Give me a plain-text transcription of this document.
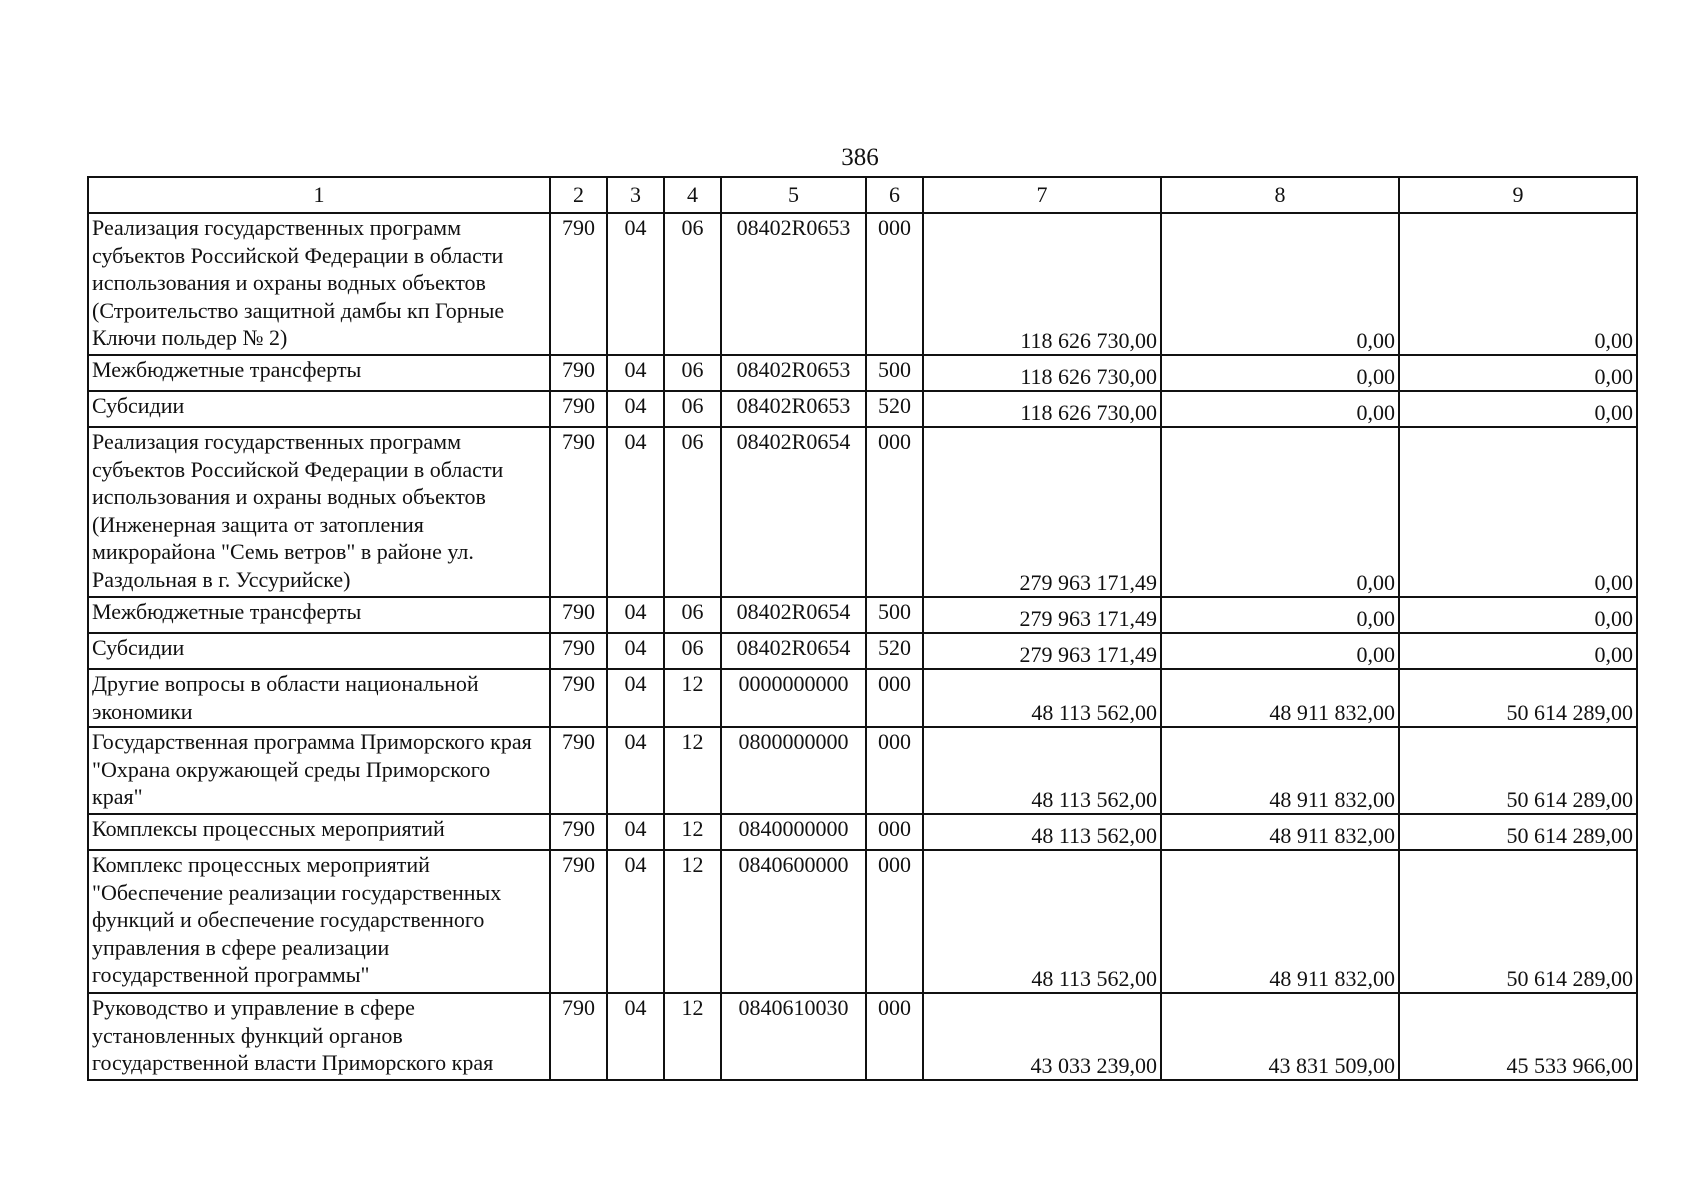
386
1	2	3	4	5	6	7	8	9
Реализация государственных программ субъектов Российской Федерации в области использования и охраны водных объектов (Строительство защитной дамбы кп Горные Ключи польдер № 2)	790	04	06	08402R0653	000	118 626 730,00	0,00	0,00
Межбюджетные трансферты	790	04	06	08402R0653	500	118 626 730,00	0,00	0,00
Субсидии	790	04	06	08402R0653	520	118 626 730,00	0,00	0,00
Реализация государственных программ субъектов Российской Федерации в области использования и охраны водных объектов (Инженерная защита от затопления микрорайона "Семь ветров" в районе ул. Раздольная в г. Уссурийске)	790	04	06	08402R0654	000	279 963 171,49	0,00	0,00
Межбюджетные трансферты	790	04	06	08402R0654	500	279 963 171,49	0,00	0,00
Субсидии	790	04	06	08402R0654	520	279 963 171,49	0,00	0,00
Другие вопросы в области национальной экономики	790	04	12	0000000000	000	48 113 562,00	48 911 832,00	50 614 289,00
Государственная программа Приморского края "Охрана окружающей среды Приморского края"	790	04	12	0800000000	000	48 113 562,00	48 911 832,00	50 614 289,00
Комплексы процессных мероприятий	790	04	12	0840000000	000	48 113 562,00	48 911 832,00	50 614 289,00
Комплекс процессных мероприятий "Обеспечение реализации государственных функций и обеспечение государственного управления в сфере реализации государственной программы"	790	04	12	0840600000	000	48 113 562,00	48 911 832,00	50 614 289,00
Руководство и управление в сфере установленных функций органов государственной власти Приморского края	790	04	12	0840610030	000	43 033 239,00	43 831 509,00	45 533 966,00
